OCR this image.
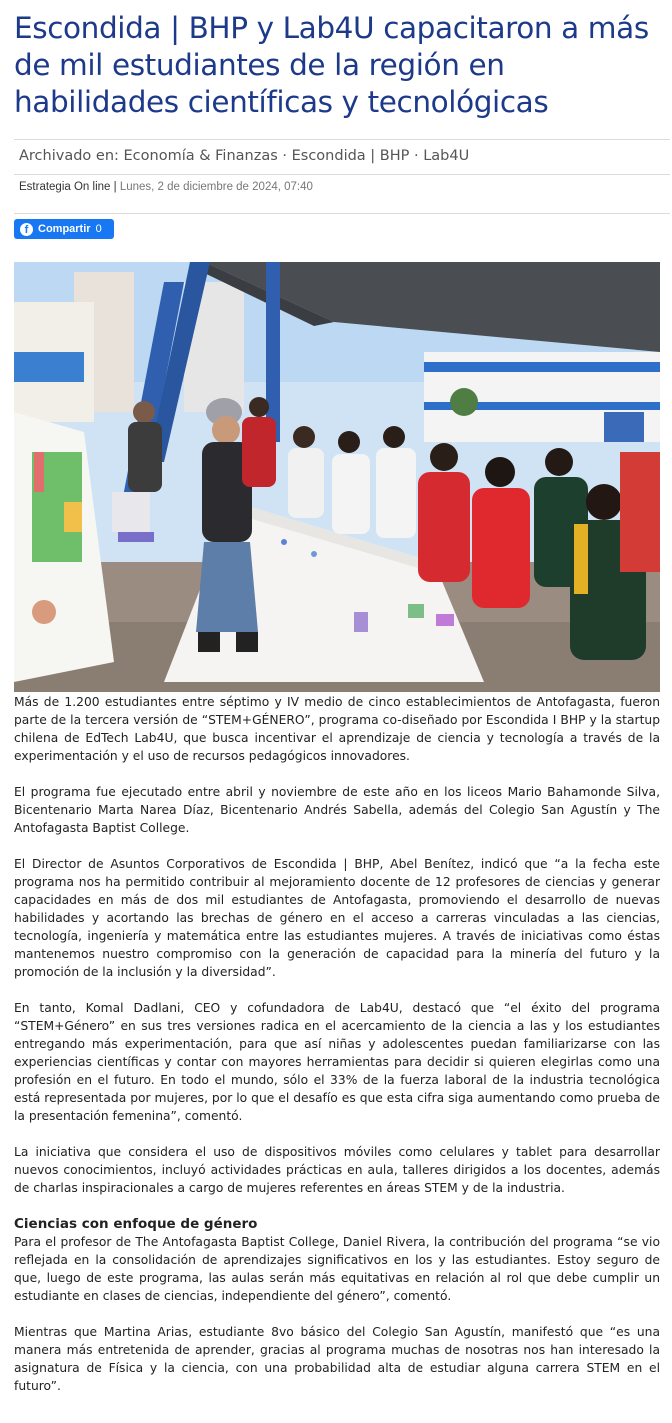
Escondida | BHP y Lab4U capacitaron a más de mil estudiantes de la región en habilidades científicas y tecnológicas
Archivado en: Economía & Finanzas · Escondida | BHP · Lab4U
Estrategia On line | Lunes, 2 de diciembre de 2024, 07:40
f Compartir 0

Más de 1.200 estudiantes entre séptimo y IV medio de cinco establecimientos de Antofagasta, fueron parte de la tercera versión de “STEM+GÉNERO”, programa co-diseñado por Escondida I BHP y la startup chilena de EdTech Lab4U, que busca incentivar el aprendizaje de ciencia y tecnología a través de la experimentación y el uso de recursos pedagógicos innovadores.

El programa fue ejecutado entre abril y noviembre de este año en los liceos Mario Bahamonde Silva, Bicentenario Marta Narea Díaz, Bicentenario Andrés Sabella, además del Colegio San Agustín y The Antofagasta Baptist College.

El Director de Asuntos Corporativos de Escondida | BHP, Abel Benítez, indicó que “a la fecha este programa nos ha permitido contribuir al mejoramiento docente de 12 profesores de ciencias y generar capacidades en más de dos mil estudiantes de Antofagasta, promoviendo el desarrollo de nuevas habilidades y acortando las brechas de género en el acceso a carreras vinculadas a las ciencias, tecnología, ingeniería y matemática entre las estudiantes mujeres. A través de iniciativas como éstas mantenemos nuestro compromiso con la generación de capacidad para la minería del futuro y la promoción de la inclusión y la diversidad”.

En tanto, Komal Dadlani, CEO y cofundadora de Lab4U, destacó que “el éxito del programa “STEM+Género” en sus tres versiones radica en el acercamiento de la ciencia a las y los estudiantes entregando más experimentación, para que así niñas y adolescentes puedan familiarizarse con las experiencias científicas y contar con mayores herramientas para decidir si quieren elegirlas como una profesión en el futuro. En todo el mundo, sólo el 33% de la fuerza laboral de la industria tecnológica está representada por mujeres, por lo que el desafío es que esta cifra siga aumentando como prueba de la presentación femenina”, comentó.

La iniciativa que considera el uso de dispositivos móviles como celulares y tablet para desarrollar nuevos conocimientos, incluyó actividades prácticas en aula, talleres dirigidos a los docentes, además de charlas inspiracionales a cargo de mujeres referentes en áreas STEM y de la industria.

Ciencias con enfoque de género

Para el profesor de The Antofagasta Baptist College, Daniel Rivera, la contribución del programa “se vio reflejada en la consolidación de aprendizajes significativos en los y las estudiantes. Estoy seguro de que, luego de este programa, las aulas serán más equitativas en relación al rol que debe cumplir un estudiante en clases de ciencias, independiente del género”, comentó.

Mientras que Martina Arias, estudiante 8vo básico del Colegio San Agustín, manifestó que “es una manera más entretenida de aprender, gracias al programa muchas de nosotras nos han interesado la asignatura de Física y la ciencia, con una probabilidad alta de estudiar alguna carrera STEM en el futuro”.
